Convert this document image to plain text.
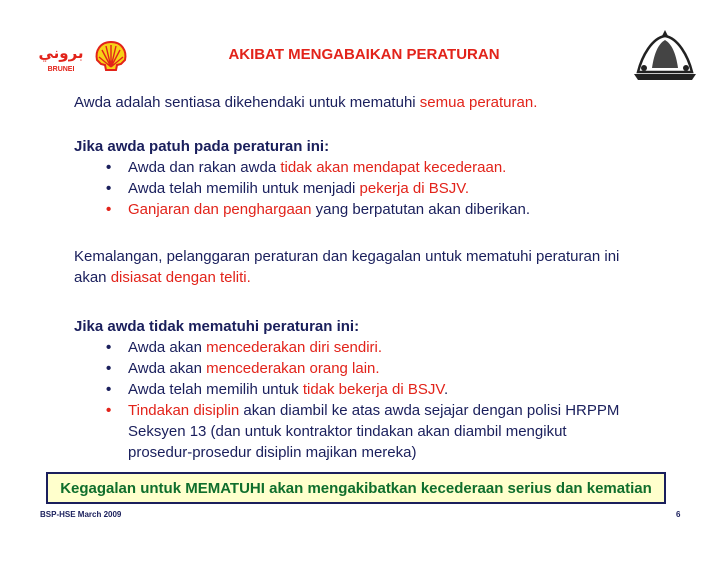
بروني
BRUNEI
AKIBAT MENGABAIKAN PERATURAN

Awda adalah sentiasa dikehendaki untuk mematuhi semua peraturan.

Jika awda patuh pada peraturan ini:

• Awda dan rakan awda tidak akan mendapat kecederaan.
• Awda telah memilih untuk menjadi pekerja di BSJV.
• Ganjaran dan penghargaan yang berpatutan akan diberikan.

Kemalangan, pelanggaran peraturan dan kegagalan untuk mematuhi peraturan ini
akan disiasat dengan teliti.

Jika awda tidak mematuhi peraturan ini:

• Awda akan mencederakan diri sendiri.
• Awda akan mencederakan orang lain.
• Awda telah memilih untuk tidak bekerja di BSJV.
• Tindakan disiplin akan diambil ke atas awda sejajar dengan polisi HRPPM
Seksyen 13 (dan untuk kontraktor tindakan akan diambil mengikut
prosedur-prosedur disiplin majikan mereka)
Kegagalan untuk MEMATUHI akan mengakibatkan kecederaan serius dan kematian
BSP-HSE March 2009	6
